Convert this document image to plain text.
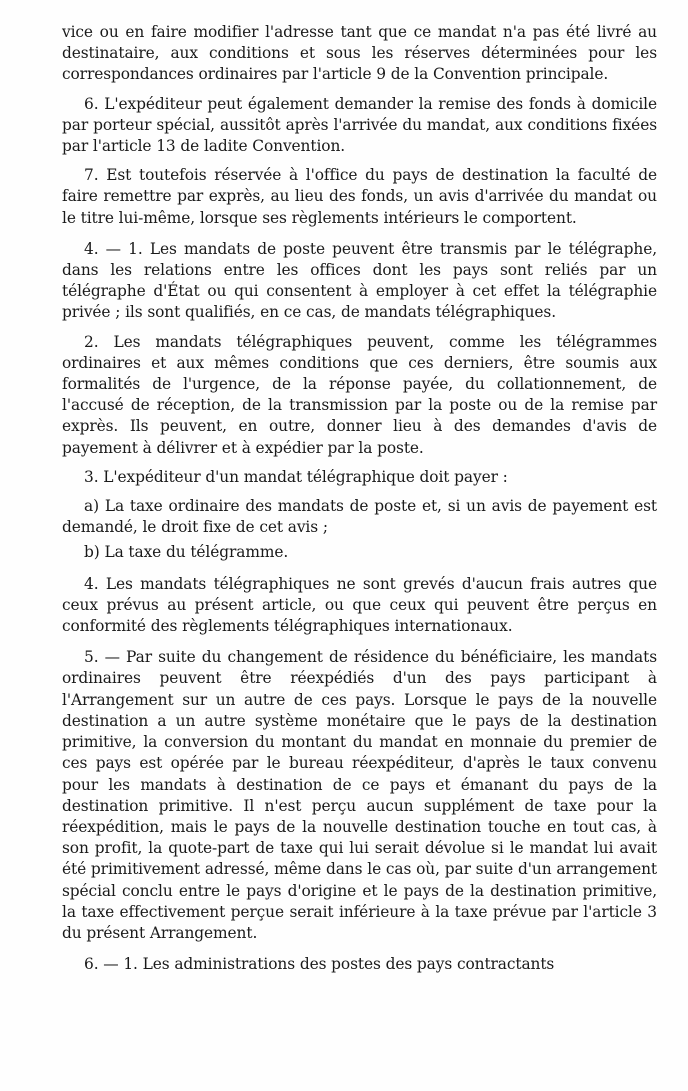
vice ou en faire modifier l'adresse tant que ce mandat n'a pas été livré au destinataire, aux conditions et sous les réserves déterminées pour les correspondances ordinaires par l'article 9 de la Convention principale.

6. L'expéditeur peut également demander la remise des fonds à domicile par porteur spécial, aussitôt après l'arrivée du mandat, aux conditions fixées par l'article 13 de ladite Convention.

7. Est toutefois réservée à l'office du pays de destination la faculté de faire remettre par exprès, au lieu des fonds, un avis d'arrivée du mandat ou le titre lui-même, lorsque ses règlements intérieurs le comportent.

4. — 1. Les mandats de poste peuvent être transmis par le télégraphe, dans les relations entre les offices dont les pays sont reliés par un télégraphe d'État ou qui consentent à employer à cet effet la télégraphie privée ; ils sont qualifiés, en ce cas, de mandats télégraphiques.

2. Les mandats télégraphiques peuvent, comme les télégrammes ordinaires et aux mêmes conditions que ces derniers, être soumis aux formalités de l'urgence, de la réponse payée, du collationnement, de l'accusé de réception, de la transmission par la poste ou de la remise par exprès. Ils peuvent, en outre, donner lieu à des demandes d'avis de payement à délivrer et à expédier par la poste.

3. L'expéditeur d'un mandat télégraphique doit payer :

a) La taxe ordinaire des mandats de poste et, si un avis de payement est demandé, le droit fixe de cet avis ;

b) La taxe du télégramme.

4. Les mandats télégraphiques ne sont grevés d'aucun frais autres que ceux prévus au présent article, ou que ceux qui peuvent être perçus en conformité des règlements télégraphiques internationaux.

5. — Par suite du changement de résidence du bénéficiaire, les mandats ordinaires peuvent être réexpédiés d'un des pays participant à l'Arrangement sur un autre de ces pays. Lorsque le pays de la nouvelle destination a un autre système monétaire que le pays de la destination primitive, la conversion du montant du mandat en monnaie du premier de ces pays est opérée par le bureau réexpéditeur, d'après le taux convenu pour les mandats à destination de ce pays et émanant du pays de la destination primitive. Il n'est perçu aucun supplément de taxe pour la réexpédition, mais le pays de la nouvelle destination touche en tout cas, à son profit, la quote-part de taxe qui lui serait dévolue si le mandat lui avait été primitivement adressé, même dans le cas où, par suite d'un arrangement spécial conclu entre le pays d'origine et le pays de la destination primitive, la taxe effectivement perçue serait inférieure à la taxe prévue par l'article 3 du présent Arrangement.

6. — 1. Les administrations des postes des pays contractants
